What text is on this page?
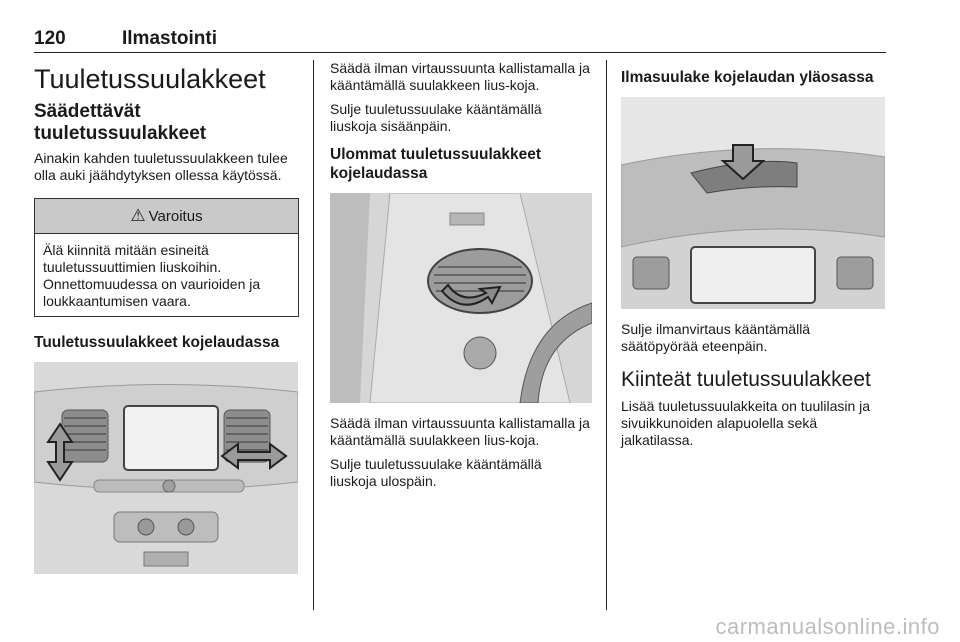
120	Ilmastointi
Tuuletussuulakkeet
Säädettävät tuuletussuulakkeet

Ainakin kahden tuuletussuulakkeen tulee olla auki jäähdytyksen ollessa käytössä.

⚠ Varoitus

Älä kiinnitä mitään esineitä tuuletussuuttimien liuskoihin. Onnettomuudessa on vaurioiden ja loukkaantumisen vaara.

Tuuletussuulakkeet kojelaudassa

Säädä ilman virtaussuunta kallistamalla ja kääntämällä suulakkeen lius-koja.

Sulje tuuletussuulake kääntämällä liuskoja sisäänpäin.

Ulommat tuuletussuulakkeet kojelaudassa

Säädä ilman virtaussuunta kallistamalla ja kääntämällä suulakkeen lius-koja.

Sulje tuuletussuulake kääntämällä liuskoja ulospäin.

Ilmasuulake kojelaudan yläosassa

Sulje ilmanvirtaus kääntämällä säätöpyörää eteenpäin.

Kiinteät tuuletussuulakkeet

Lisää tuuletussuulakkeita on tuulilasin ja sivuikkunoiden alapuolella sekä jalkatilassa.

carmanualsonline.info
